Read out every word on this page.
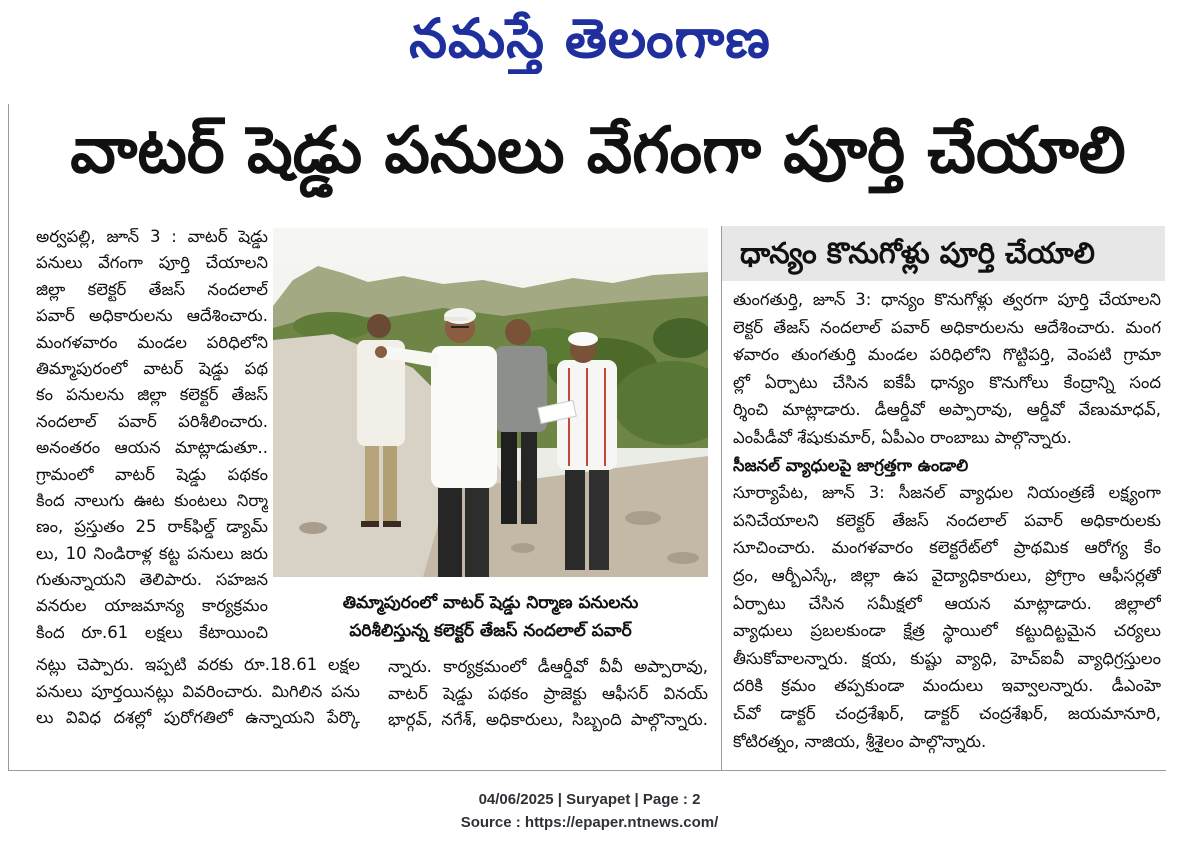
నమస్తే తెలంగాణ
వాటర్ షెడ్డు పనులు వేగంగా పూర్తి చేయాలి
అర్వపల్లి, జూన్ 3 : వాటర్ షెడ్డు
పనులు వేగంగా పూర్తి చేయాలని
జిల్లా కలెక్టర్ తేజస్ నందలాల్
పవార్ అధికారులను ఆదేశించారు.
మంగళవారం మండల పరిధిలోని
తిమ్మాపురంలో వాటర్ షెడ్డు పథ
కం పనులను జిల్లా కలెక్టర్ తేజస్
నందలాల్ పవార్ పరిశీలించారు.
అనంతరం ఆయన మాట్లాడుతూ..
గ్రామంలో వాటర్ షెడ్డు పథకం
కింద నాలుగు ఊట కుంటలు నిర్మా
ణం, ప్రస్తుతం 25 రాక్‌ఫిల్డ్ డ్యామ్
లు, 10 నిండిరాళ్ల కట్ట పనులు జరు
గుతున్నాయని తెలిపారు. సహజన
వనరుల యాజమాన్య కార్యక్రమం
కింద రూ.61 లక్షలు కేటాయించి
తిమ్మాపురంలో వాటర్ షెడ్డు నిర్మాణ పనులను
పరిశీలిస్తున్న కలెక్టర్ తేజస్ నందలాల్ పవార్
నట్లు చెప్పారు. ఇప్పటి వరకు రూ.18.61 లక్షల
పనులు పూర్తయినట్లు వివరించారు. మిగిలిన పను
లు వివిధ దశల్లో పురోగతిలో ఉన్నాయని పేర్కొ
న్నారు. కార్యక్రమంలో డీఆర్డీవో వీవీ అప్పారావు,
వాటర్ షెడ్డు పథకం ప్రాజెక్టు ఆఫీసర్ వినయ్
భార్గవ్, నగేశ్, అధికారులు, సిబ్బంది పాల్గొన్నారు.
ధాన్యం కొనుగోళ్లు పూర్తి చేయాలి
తుంగతుర్తి, జూన్ 3: ధాన్యం కొనుగోళ్లు త్వరగా పూర్తి చేయాలని
లెక్టర్ తేజస్ నందలాల్ పవార్ అధికారులను ఆదేశించారు. మంగ
ళవారం తుంగతుర్తి మండల పరిధిలోని గొట్టిపర్తి, వెంపటి గ్రామా
ల్లో ఏర్పాటు చేసిన ఐకేపీ ధాన్యం కొనుగోలు కేంద్రాన్ని సంద
ర్శించి మాట్లాడారు. డీఆర్డీవో అప్పారావు, ఆర్డీవో వేణుమాధవ్,
ఎంపీడీవో శేషుకుమార్, ఏపీఎం రాంబాబు పాల్గొన్నారు.
సీజనల్ వ్యాధులపై జాగ్రత్తగా ఉండాలి
సూర్యాపేట, జూన్ 3: సీజనల్ వ్యాధుల నియంత్రణే లక్ష్యంగా
పనిచేయాలని కలెక్టర్ తేజస్ నందలాల్ పవార్ అధికారులకు
సూచించారు. మంగళవారం కలెక్టరేట్‌లో ప్రాథమిక ఆరోగ్య కేం
ద్రం, ఆర్బీఎస్కే, జిల్లా ఉప వైద్యాధికారులు, ప్రోగ్రాం ఆఫీసర్లతో
ఏర్పాటు చేసిన సమీక్షలో ఆయన మాట్లాడారు. జిల్లాలో
వ్యాధులు ప్రబలకుండా క్షేత్ర స్థాయిలో కట్టుదిట్టమైన చర్యలు
తీసుకోవాలన్నారు. క్షయ, కుష్టు వ్యాధి, హెచ్ఐవీ వ్యాధిగ్రస్తులం
దరికి క్రమం తప్పకుండా మందులు ఇవ్వాలన్నారు. డీఎంహె
చ్‌వో డాక్టర్ చంద్రశేఖర్, డాక్టర్ చంద్రశేఖర్, జయమానూరి,
కోటిరత్నం, నాజియ, శ్రీశైలం పాల్గొన్నారు.
04/06/2025 | Suryapet | Page : 2
Source : https://epaper.ntnews.com/
